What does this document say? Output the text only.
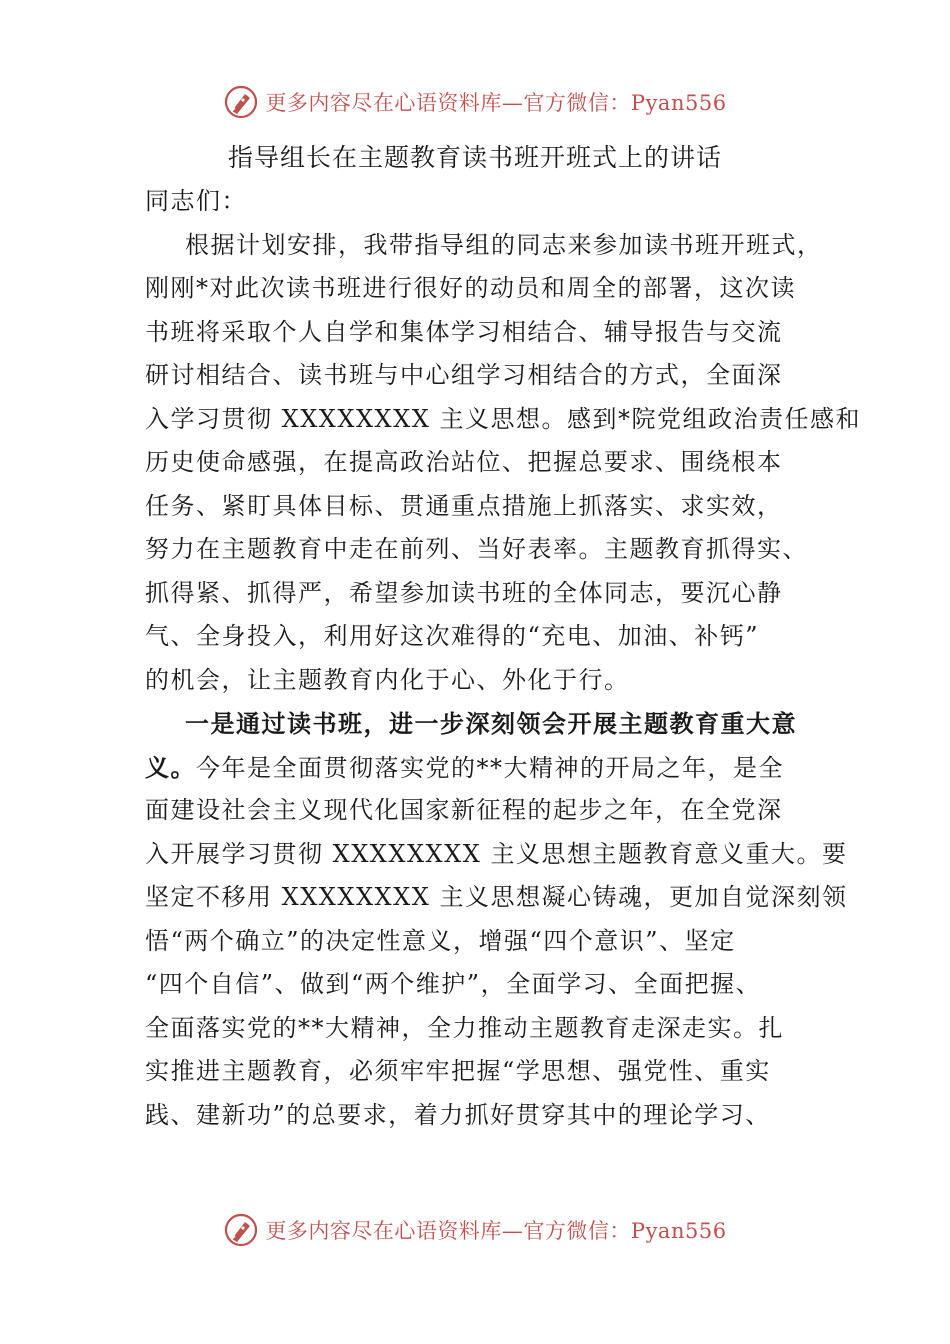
更多内容尽在心语资料库—官方微信：Pyan556
指导组长在主题教育读书班开班式上的讲话
同志们：
根据计划安排，我带指导组的同志来参加读书班开班式，
刚刚*对此次读书班进行很好的动员和周全的部署，这次读
书班将采取个人自学和集体学习相结合、辅导报告与交流
研讨相结合、读书班与中心组学习相结合的方式，全面深
入学习贯彻 XXXXXXXX 主义思想。感到*院党组政治责任感和
历史使命感强，在提高政治站位、把握总要求、围绕根本
任务、紧盯具体目标、贯通重点措施上抓落实、求实效，
努力在主题教育中走在前列、当好表率。主题教育抓得实、
抓得紧、抓得严，希望参加读书班的全体同志，要沉心静
气、全身投入，利用好这次难得的“充电、加油、补钙”
的机会，让主题教育内化于心、外化于行。
一是通过读书班，进一步深刻领会开展主题教育重大意
义。今年是全面贯彻落实党的**大精神的开局之年，是全
面建设社会主义现代化国家新征程的起步之年，在全党深
入开展学习贯彻 XXXXXXXX 主义思想主题教育意义重大。要
坚定不移用 XXXXXXXX 主义思想凝心铸魂，更加自觉深刻领
悟“两个确立”的决定性意义，增强“四个意识”、坚定
“四个自信”、做到“两个维护”，全面学习、全面把握、
全面落实党的**大精神，全力推动主题教育走深走实。扎
实推进主题教育，必须牢牢把握“学思想、强党性、重实
践、建新功”的总要求，着力抓好贯穿其中的理论学习、
更多内容尽在心语资料库—官方微信：Pyan556
